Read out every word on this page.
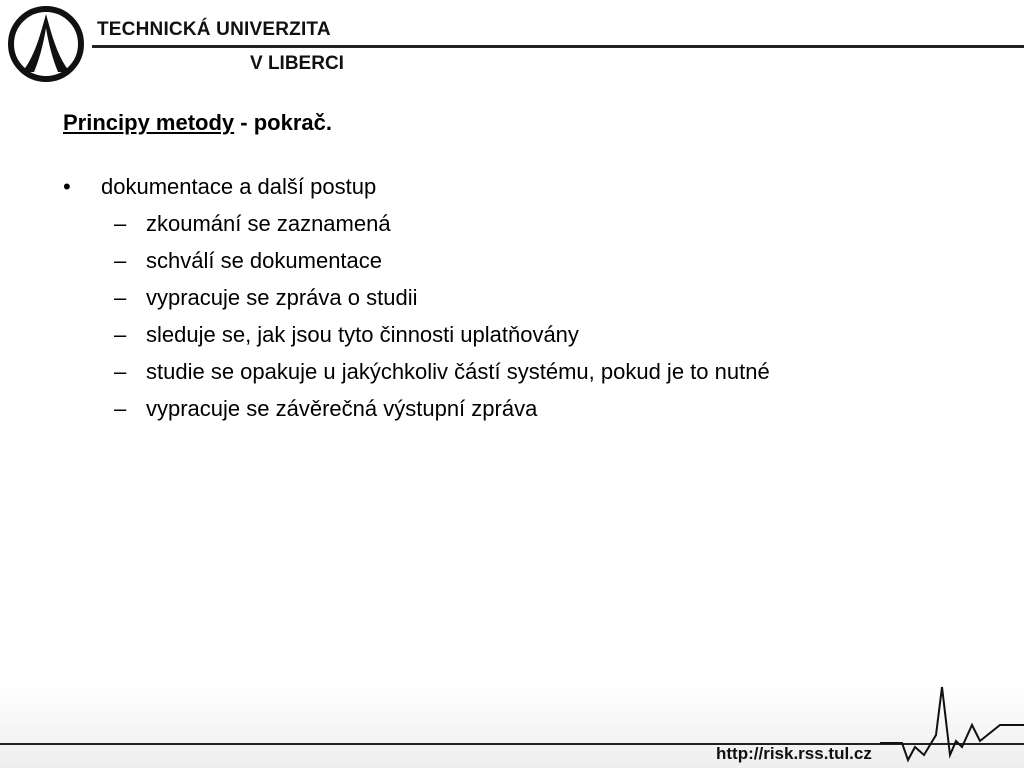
TECHNICKÁ UNIVERZITA
V LIBERCI
Principy metody - pokrač.
• dokumentace a další postup
– zkoumání se zaznamená
– schválí se dokumentace
– vypracuje se zpráva o studii
– sleduje se, jak jsou tyto činnosti uplatňovány
– studie se opakuje u jakýchkoliv částí systému, pokud je to nutné
– vypracuje se závěrečná výstupní zpráva
http://risk.rss.tul.cz
